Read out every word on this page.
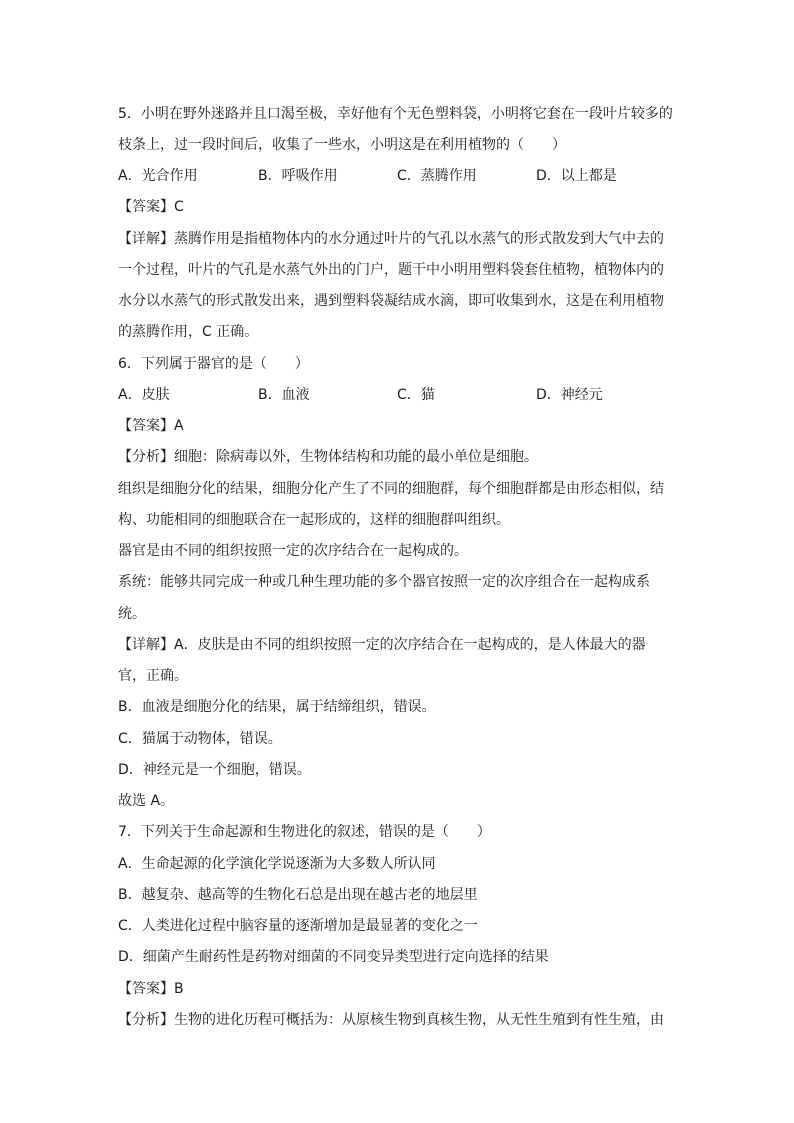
5．小明在野外迷路并且口渴至极，幸好他有个无色塑料袋，小明将它套在一段叶片较多的
枝条上，过一段时间后，收集了一些水，小明这是在利用植物的（　　）
A．光合作用	B．呼吸作用	C．蒸腾作用	D．以上都是
【答案】C
【详解】蒸腾作用是指植物体内的水分通过叶片的气孔以水蒸气的形式散发到大气中去的
一个过程，叶片的气孔是水蒸气外出的门户，题干中小明用塑料袋套住植物，植物体内的
水分以水蒸气的形式散发出来，遇到塑料袋凝结成水滴，即可收集到水，这是在利用植物
的蒸腾作用，C 正确。
6．下列属于器官的是（　　）
A．皮肤	B．血液	C．猫	D．神经元
【答案】A
【分析】细胞：除病毒以外，生物体结构和功能的最小单位是细胞。
组织是细胞分化的结果，细胞分化产生了不同的细胞群，每个细胞群都是由形态相似，结
构、功能相同的细胞联合在一起形成的，这样的细胞群叫组织。
器官是由不同的组织按照一定的次序结合在一起构成的。
系统：能够共同完成一种或几种生理功能的多个器官按照一定的次序组合在一起构成系
统。
【详解】A．皮肤是由不同的组织按照一定的次序结合在一起构成的，是人体最大的器
官，正确。
B．血液是细胞分化的结果，属于结缔组织，错误。
C．猫属于动物体，错误。
D．神经元是一个细胞，错误。
故选 A。
7．下列关于生命起源和生物进化的叙述，错误的是（　　）
A．生命起源的化学演化学说逐渐为大多数人所认同
B．越复杂、越高等的生物化石总是出现在越古老的地层里
C．人类进化过程中脑容量的逐渐增加是最显著的变化之一
D．细菌产生耐药性是药物对细菌的不同变异类型进行定向选择的结果
【答案】B
【分析】生物的进化历程可概括为：从原核生物到真核生物，从无性生殖到有性生殖，由
